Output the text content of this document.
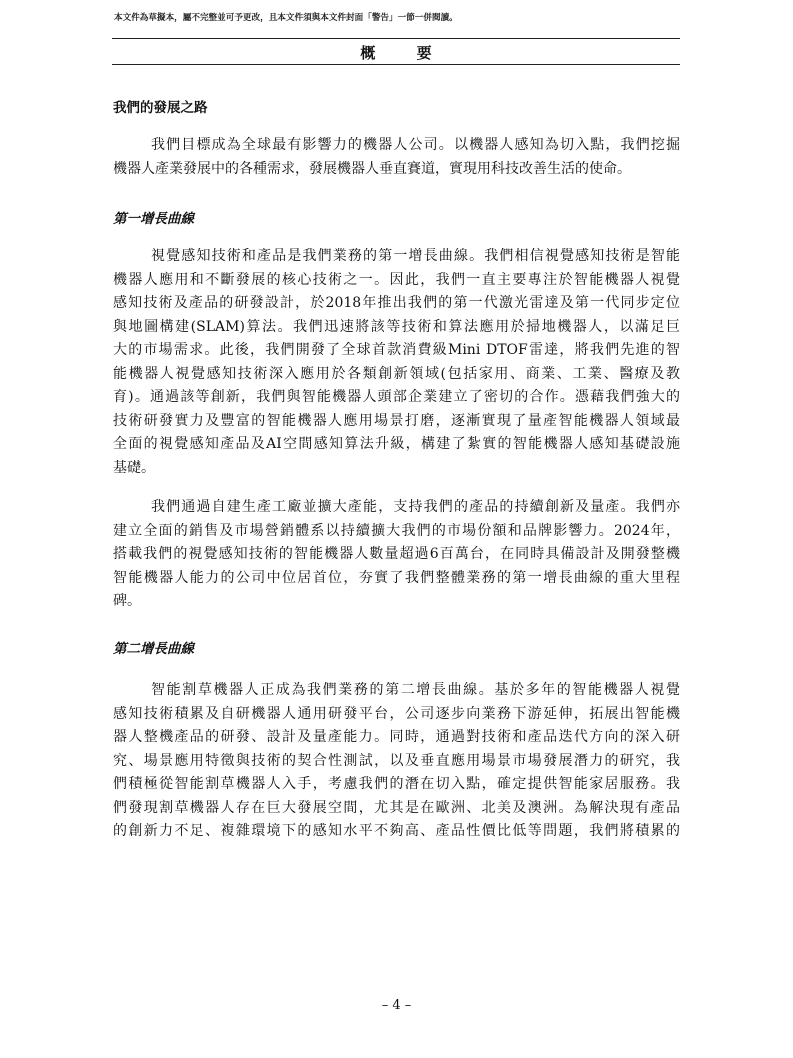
本文件為草擬本，屬不完整並可予更改，且本文件須與本文件封面「警告」一節一併閱讀。
概 要
我們的發展之路
我們目標成為全球最有影響力的機器人公司。以機器人感知為切入點，我們挖掘
機器人產業發展中的各種需求，發展機器人垂直賽道，實現用科技改善生活的使命。
第一增長曲線
視覺感知技術和產品是我們業務的第一增長曲線。我們相信視覺感知技術是智能
機器人應用和不斷發展的核心技術之一。因此，我們一直主要專注於智能機器人視覺
感知技術及產品的研發設計，於2018年推出我們的第一代激光雷達及第一代同步定位
與地圖構建(SLAM)算法。我們迅速將該等技術和算法應用於掃地機器人，以滿足巨
大的市場需求。此後，我們開發了全球首款消費級Mini DTOF雷達，將我們先進的智
能機器人視覺感知技術深入應用於各類創新領域(包括家用、商業、工業、醫療及教
育)。通過該等創新，我們與智能機器人頭部企業建立了密切的合作。憑藉我們強大的
技術研發實力及豐富的智能機器人應用場景打磨，逐漸實現了量產智能機器人領域最
全面的視覺感知產品及AI空間感知算法升級，構建了紮實的智能機器人感知基礎設施
基礎。
我們通過自建生產工廠並擴大產能，支持我們的產品的持續創新及量產。我們亦
建立全面的銷售及市場營銷體系以持續擴大我們的市場份額和品牌影響力。2024年，
搭載我們的視覺感知技術的智能機器人數量超過6百萬台，在同時具備設計及開發整機
智能機器人能力的公司中位居首位，夯實了我們整體業務的第一增長曲線的重大里程
碑。
第二增長曲線
智能割草機器人正成為我們業務的第二增長曲線。基於多年的智能機器人視覺
感知技術積累及自研機器人通用研發平台，公司逐步向業務下游延伸，拓展出智能機
器人整機產品的研發、設計及量產能力。同時，通過對技術和產品迭代方向的深入研
究、場景應用特徵與技術的契合性測試，以及垂直應用場景市場發展潛力的研究，我
們積極從智能割草機器人入手，考慮我們的潛在切入點，確定提供智能家居服務。我
們發現割草機器人存在巨大發展空間，尤其是在歐洲、北美及澳洲。為解決現有產品
的創新力不足、複雜環境下的感知水平不夠高、產品性價比低等問題，我們將積累的
– 4 –
